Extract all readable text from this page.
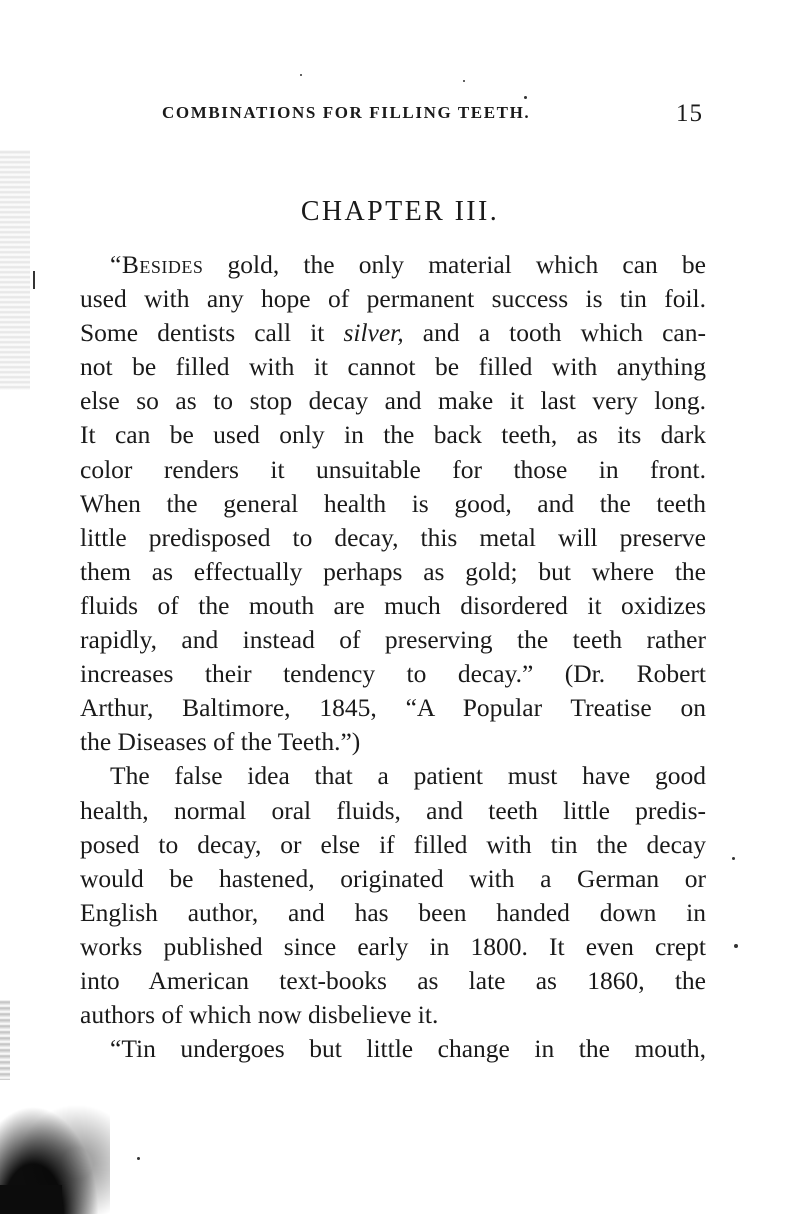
COMBINATIONS FOR FILLING TEETH.	15
CHAPTER III.
“Besides gold, the only material which can be
used with any hope of permanent success is tin foil.
Some dentists call it silver, and a tooth which can-
not be filled with it cannot be filled with anything
else so as to stop decay and make it last very long.
It can be used only in the back teeth, as its dark
color renders it unsuitable for those in front.
When the general health is good, and the teeth
little predisposed to decay, this metal will preserve
them as effectually perhaps as gold; but where the
fluids of the mouth are much disordered it oxidizes
rapidly, and instead of preserving the teeth rather
increases their tendency to decay.” (Dr. Robert
Arthur, Baltimore, 1845, “A Popular Treatise on
the Diseases of the Teeth.”)
The false idea that a patient must have good
health, normal oral fluids, and teeth little predis-
posed to decay, or else if filled with tin the decay
would be hastened, originated with a German or
English author, and has been handed down in
works published since early in 1800. It even crept
into American text-books as late as 1860, the
authors of which now disbelieve it.
“Tin undergoes but little change in the mouth,
